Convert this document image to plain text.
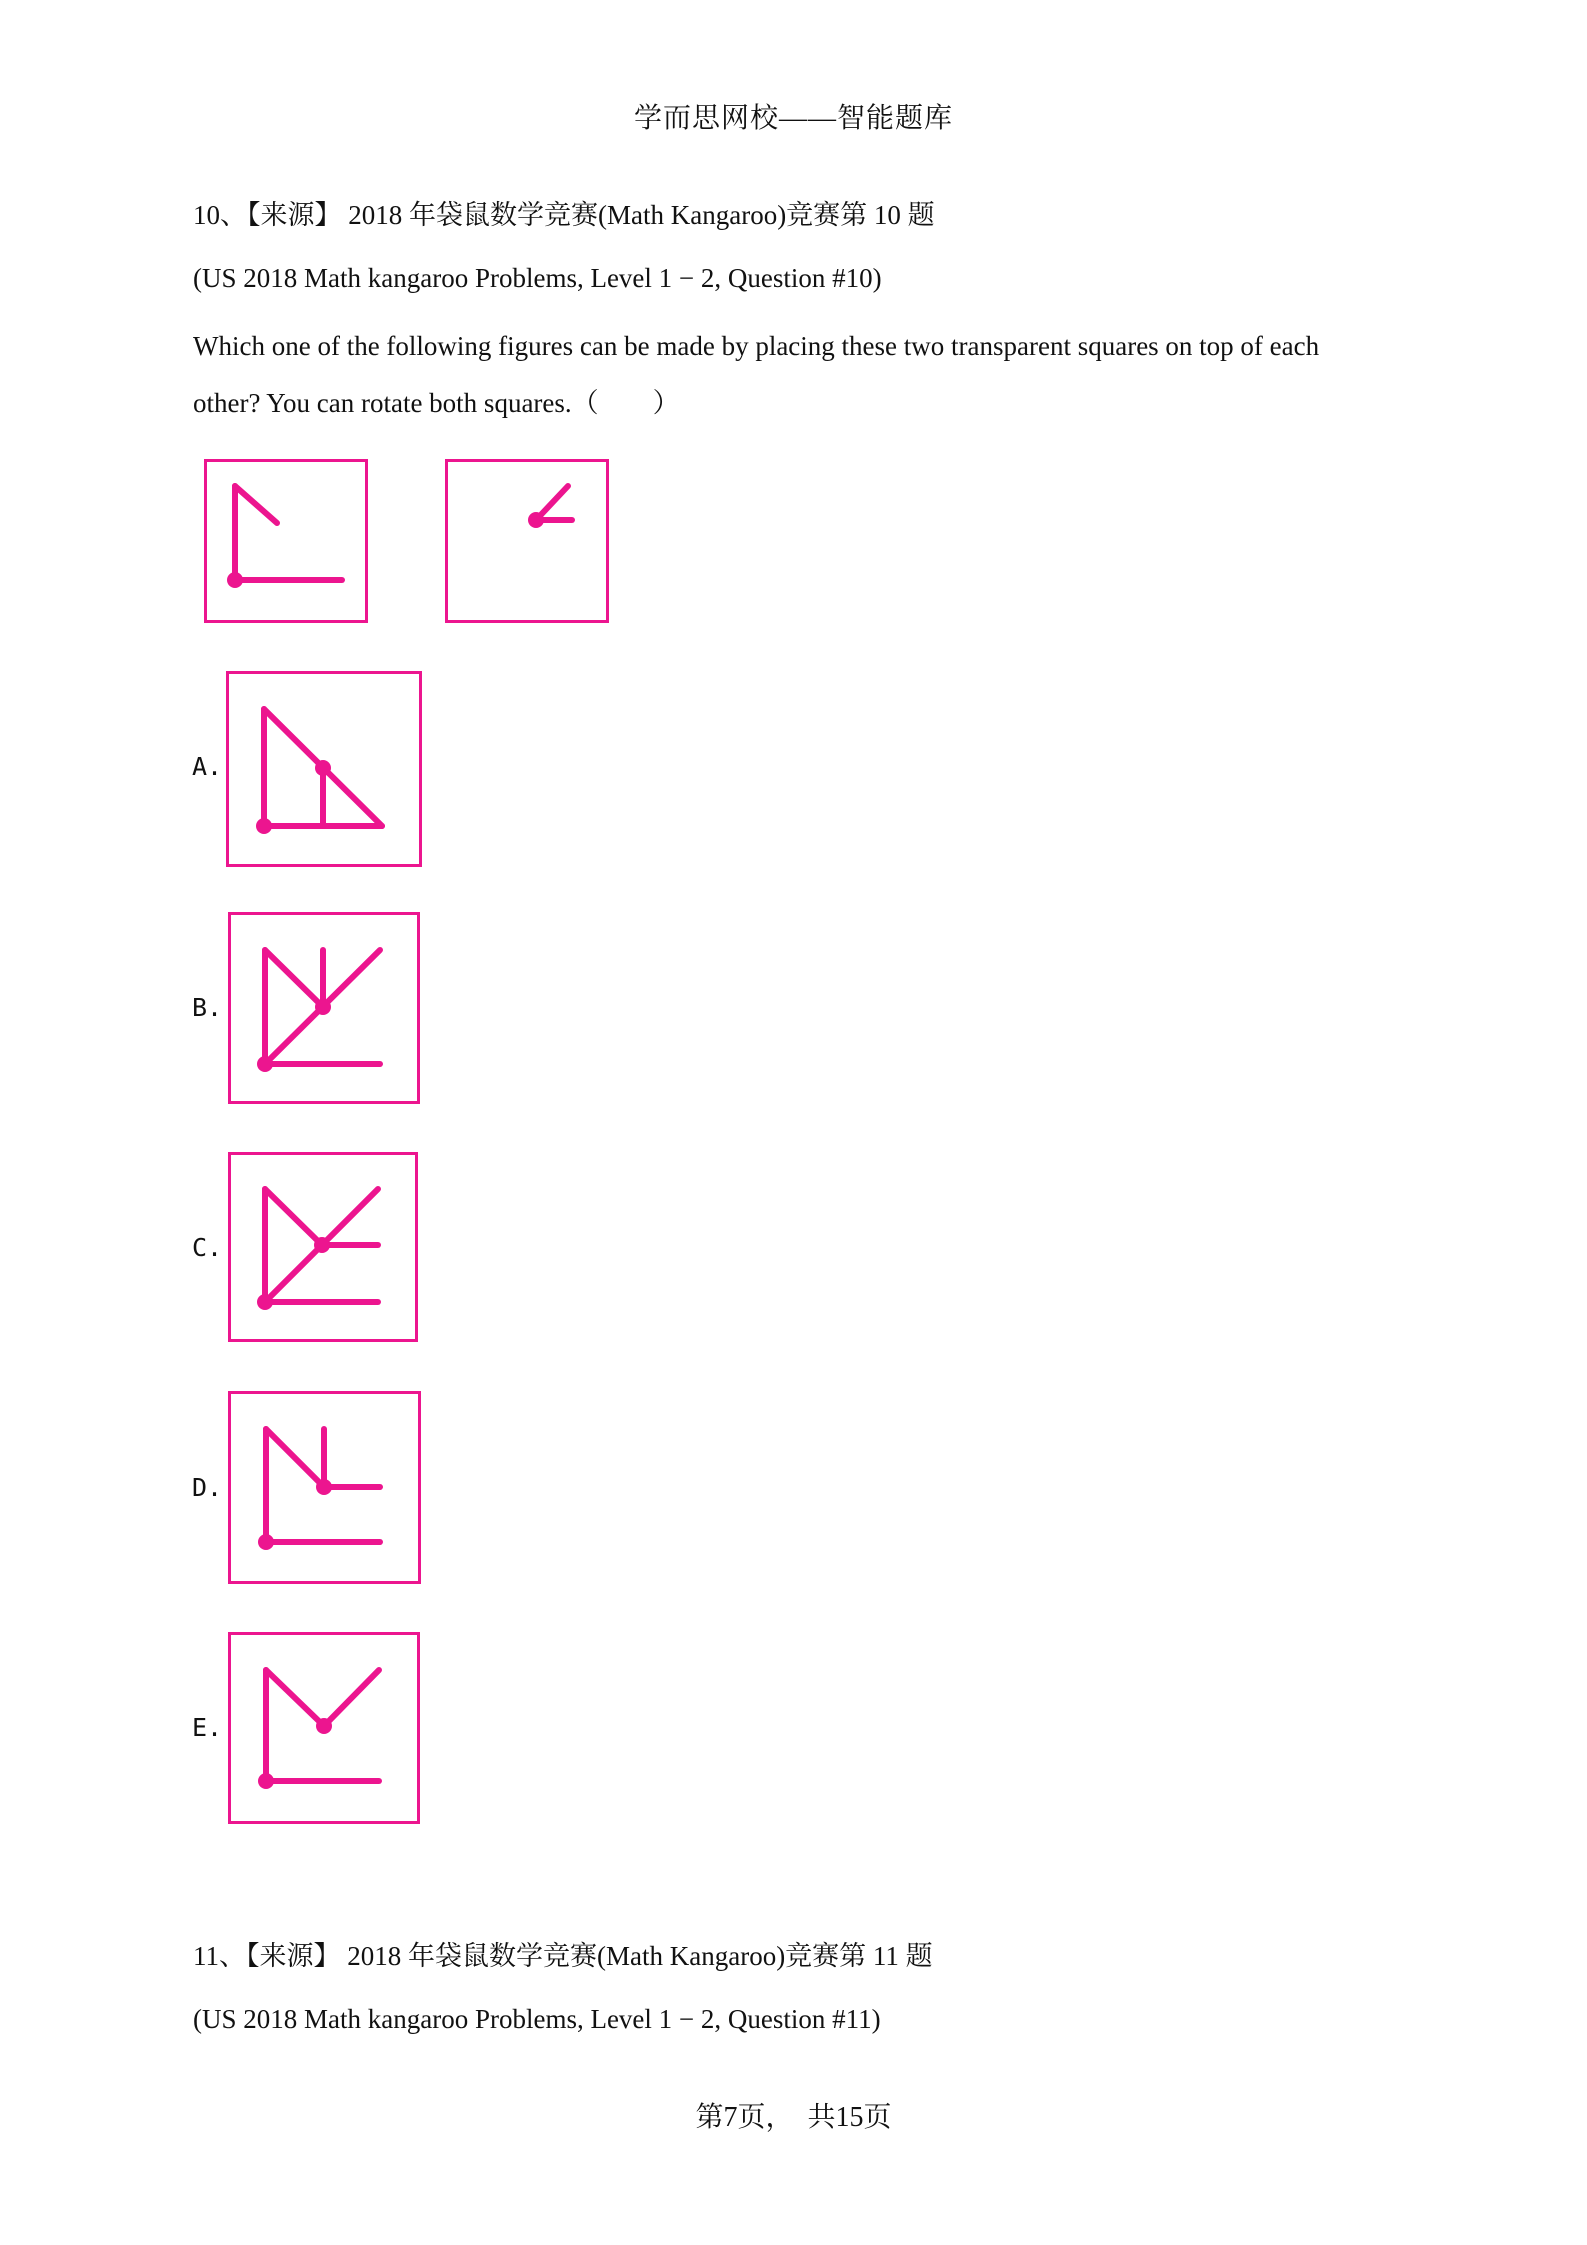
学而思网校——智能题库
10、【来源】 2018 年袋鼠数学竞赛(Math Kangaroo)竞赛第 10 题
(US 2018 Math kangaroo Problems, Level 1 − 2, Question #10)
Which one of the following figures can be made by placing these two transparent squares on top of each
other? You can rotate both squares.（　　）
A.
B.
C.
D.
E.
11、【来源】 2018 年袋鼠数学竞赛(Math Kangaroo)竞赛第 11 题
(US 2018 Math kangaroo Problems, Level 1 − 2, Question #11)
第7页，　共15页
